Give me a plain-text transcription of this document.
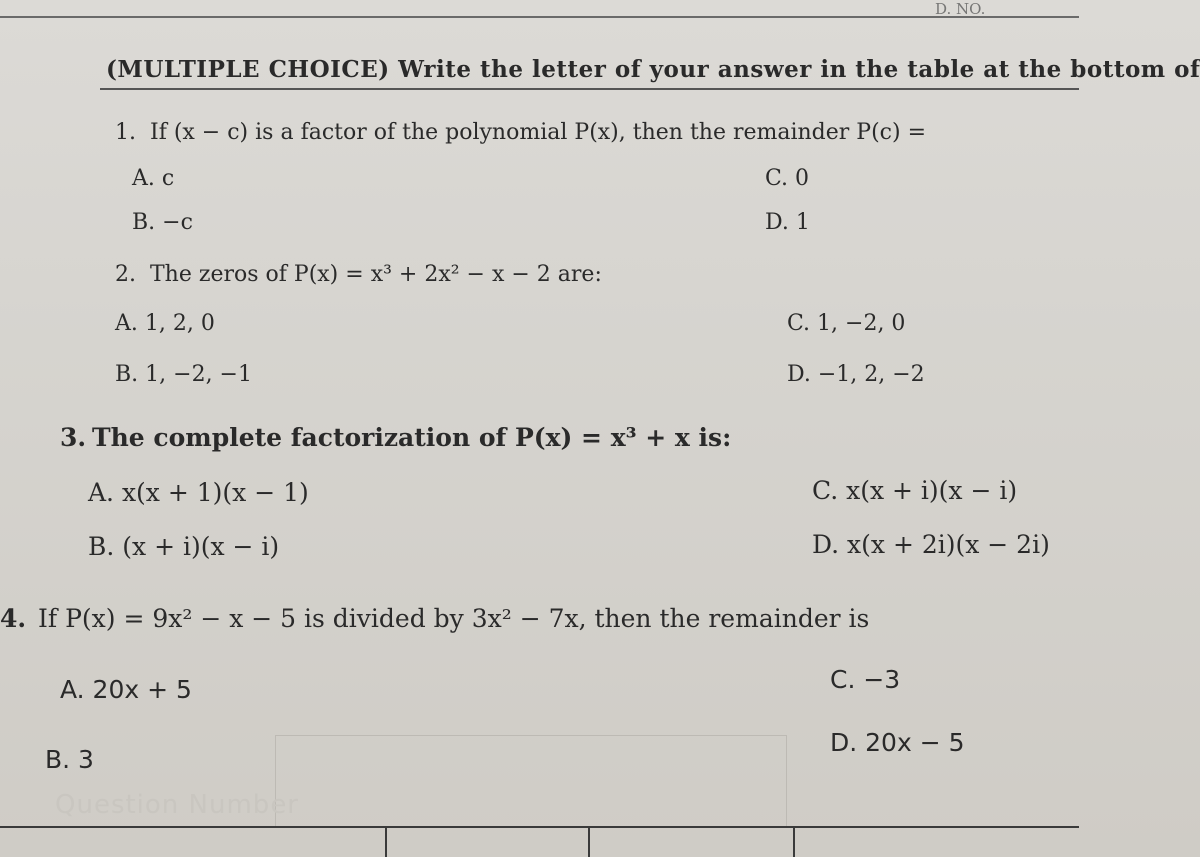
D. NO.
(MULTIPLE CHOICE) Write the letter of your answer in the table at the bottom of
1. If (x − c) is a factor of the polynomial P(x), then the remainder P(c) =
A. c
B. −c
C. 0
D. 1
2. The zeros of P(x) = x³ + 2x² − x − 2 are:
A. 1, 2, 0
B. 1, −2, −1
C. 1, −2, 0
D. −1, 2, −2
3. The complete factorization of P(x) = x³ + x is:
A. x(x + 1)(x − 1)
B. (x + i)(x − i)
C. x(x + i)(x − i)
D. x(x + 2i)(x − 2i)

4. If P(x) = 9x² − x − 5 is divided by 3x² − 7x, then the remainder is
A. 20x + 5
B. 3
C. −3
D. 20x − 5
Question Number
